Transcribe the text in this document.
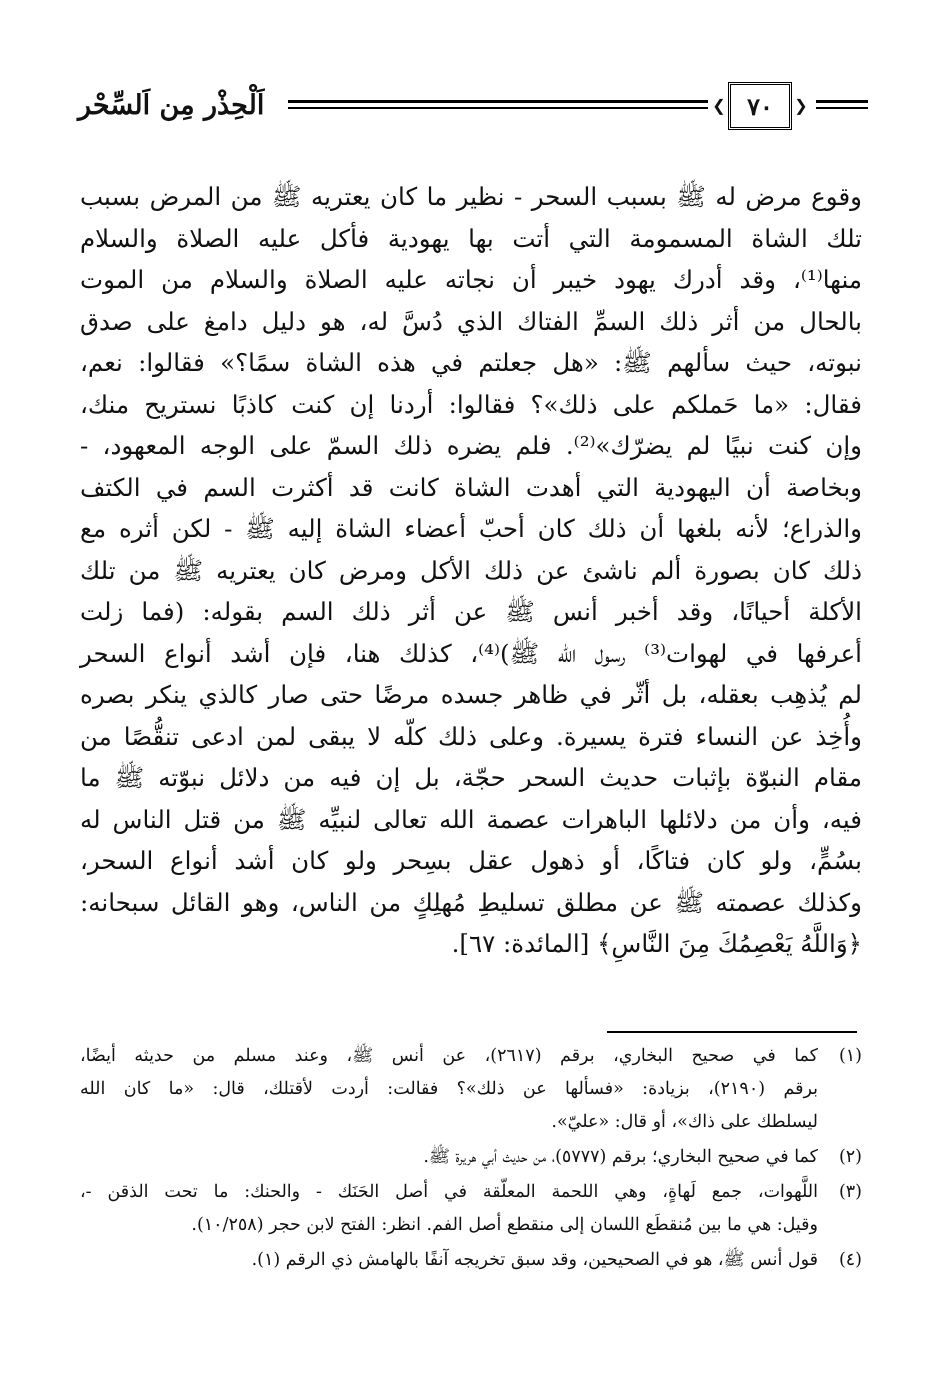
اَلْحِذْر مِن اَلسِّحْر	❮ ٧٠ ❯
وقوع مرض له ﷺ بسبب السحر - نظير ما كان يعتريه ﷺ من المرض بسبب
تلك الشاة المسمومة التي أتت بها يهودية فأكل عليه الصلاة والسلام
منها⁽¹⁾، وقد أدرك يهود خيبر أن نجاته عليه الصلاة والسلام من الموت
بالحال من أثر ذلك السمِّ الفتاك الذي دُسَّ له، هو دليل دامغ على صدق
نبوته، حيث سألهم ﷺ: «هل جعلتم في هذه الشاة سمًا؟» فقالوا: نعم،
فقال: «ما حَملكم على ذلك»؟ فقالوا: أردنا إن كنت كاذبًا نستريح منك،
وإن كنت نبيًا لم يضرّك»⁽²⁾. فلم يضره ذلك السمّ على الوجه المعهود، -
وبخاصة أن اليهودية التي أهدت الشاة كانت قد أكثرت السم في الكتف
والذراع؛ لأنه بلغها أن ذلك كان أحبّ أعضاء الشاة إليه ﷺ - لكن أثره مع
ذلك كان بصورة ألم ناشئ عن ذلك الأكل ومرض كان يعتريه ﷺ من تلك
الأكلة أحيانًا، وقد أخبر أنس ﷺ عن أثر ذلك السم بقوله: (فما زلت
أعرفها في لهوات⁽³⁾ رسول الله ﷺ)⁽⁴⁾، كذلك هنا، فإن أشد أنواع السحر
لم يُذهِب بعقله، بل أثّر في ظاهر جسده مرضًا حتى صار كالذي ينكر بصره
وأُخِذ عن النساء فترة يسيرة. وعلى ذلك كلّه لا يبقى لمن ادعى تنقُّصًا من
مقام النبوّة بإثبات حديث السحر حجّة، بل إن فيه من دلائل نبوّته ﷺ ما
فيه، وأن من دلائلها الباهرات عصمة الله تعالى لنبيِّه ﷺ من قتل الناس له
بسُمٍّ، ولو كان فتاكًا، أو ذهول عقل بسِحر ولو كان أشد أنواع السحر،
وكذلك عصمته ﷺ عن مطلق تسليطِ مُهلِكٍ من الناس، وهو القائل سبحانه:
﴿وَاللَّهُ يَعْصِمُكَ مِنَ النَّاسِ﴾ [المائدة: ٦٧].
(١)
كما في صحيح البخاري، برقم (٢٦١٧)، عن أنس ﷺ، وعند مسلم من حديثه أيضًا،
برقم (٢١٩٠)، بزيادة: «فسألها عن ذلك»؟ فقالت: أردت لأقتلك، قال: «ما كان الله
ليسلطك على ذاك»، أو قال: «عليّ».
(٢)
كما في صحيح البخاري؛ برقم (٥٧٧٧)، من حديث أبي هريرة ﷺ.
(٣)
اللَّهوات، جمع لَهاةٍ، وهي اللحمة المعلّقة في أصل الحَنَك - والحنك: ما تحت الذقن -،
وقيل: هي ما بين مُنقطَع اللسان إلى منقطع أصل الفم. انظر: الفتح لابن حجر (١٠/٢٥٨).
(٤)
قول أنس ﷺ، هو في الصحيحين، وقد سبق تخريجه آنفًا بالهامش ذي الرقم (١).
